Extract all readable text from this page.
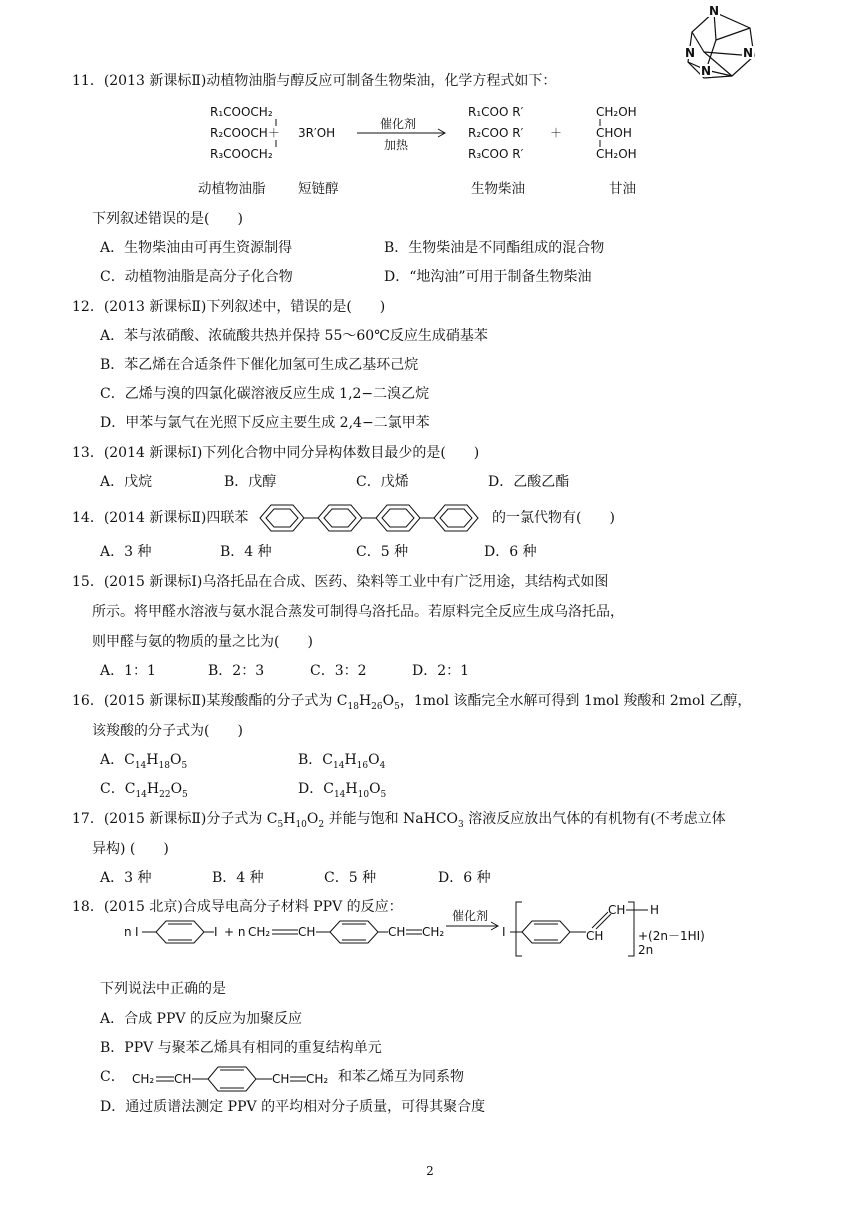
N
N	N
N
11．(2013 新课标Ⅱ)动植物油脂与醇反应可制备生物柴油，化学方程式如下：
R₁COOCH₂
R₂COOCH＋
R₃COOCH₂
3R′OH
催化剂
加热
R₁COO R′
R₂COO R′
R₃COO R′
＋
CH₂OH
CHOH
CH₂OH
动植物油脂 短链醇	生物柴油	甘油
下列叙述错误的是(　　)
A．生物柴油由可再生资源制得	B．生物柴油是不同酯组成的混合物
C．动植物油脂是高分子化合物	D．“地沟油”可用于制备生物柴油
12．(2013 新课标Ⅱ)下列叙述中，错误的是(　　)
A．苯与浓硝酸、浓硫酸共热并保持 55～60℃反应生成硝基苯
B．苯乙烯在合适条件下催化加氢可生成乙基环己烷
C．乙烯与溴的四氯化碳溶液反应生成 1,2−二溴乙烷
D．甲苯与氯气在光照下反应主要生成 2,4−二氯甲苯
13．(2014 新课标Ⅰ)下列化合物中同分异构体数目最少的是(　　)
A．戊烷	B．戊醇	C．戊烯	D．乙酸乙酯
14．(2014 新课标Ⅱ)四联苯	的一氯代物有(　　)
A．3 种	B．4 种	C．5 种	D．6 种
15．(2015 新课标Ⅰ)乌洛托品在合成、医药、染料等工业中有广泛用途，其结构式如图
所示。将甲醛水溶液与氨水混合蒸发可制得乌洛托品。若原料完全反应生成乌洛托品，
则甲醛与氨的物质的量之比为(　　)
A．1：1	B．2：3	C．3：2	D．2：1
16．(2015 新课标Ⅱ)某羧酸酯的分子式为 $C_{18}H_{26}O_5$，1mol 该酯完全水解可得到 1mol 羧酸和 2mol 乙醇，
该羧酸的分子式为(　　)
A．$C_{14}H_{18}O_5$	B．$C_{14}H_{16}O_4$
C．$C_{14}H_{22}O_5$	D．$C_{14}H_{10}O_5$
17．(2015 新课标Ⅱ)分子式为 $C_5H_{10}O_2$ 并能与饱和 NaHCO$_3$ 溶液反应放出气体的有机物有(不考虑立体
异构) (　　)
A．3 种	B．4 种	C．5 种	D．6 种
18．(2015 北京)合成导电高分子材料 PPV 的反应：
n I	I + n CH₂ CH	CH CH₂
催化剂
I
CH
CH
H
+(2n－1HI)
2n
下列说法中正确的是
A．合成 PPV 的反应为加聚反应
B．PPV 与聚苯乙烯具有相同的重复结构单元
C． CH₂ CH	CH CH₂ 和苯乙烯互为同系物
D．通过质谱法测定 PPV 的平均相对分子质量，可得其聚合度
2
